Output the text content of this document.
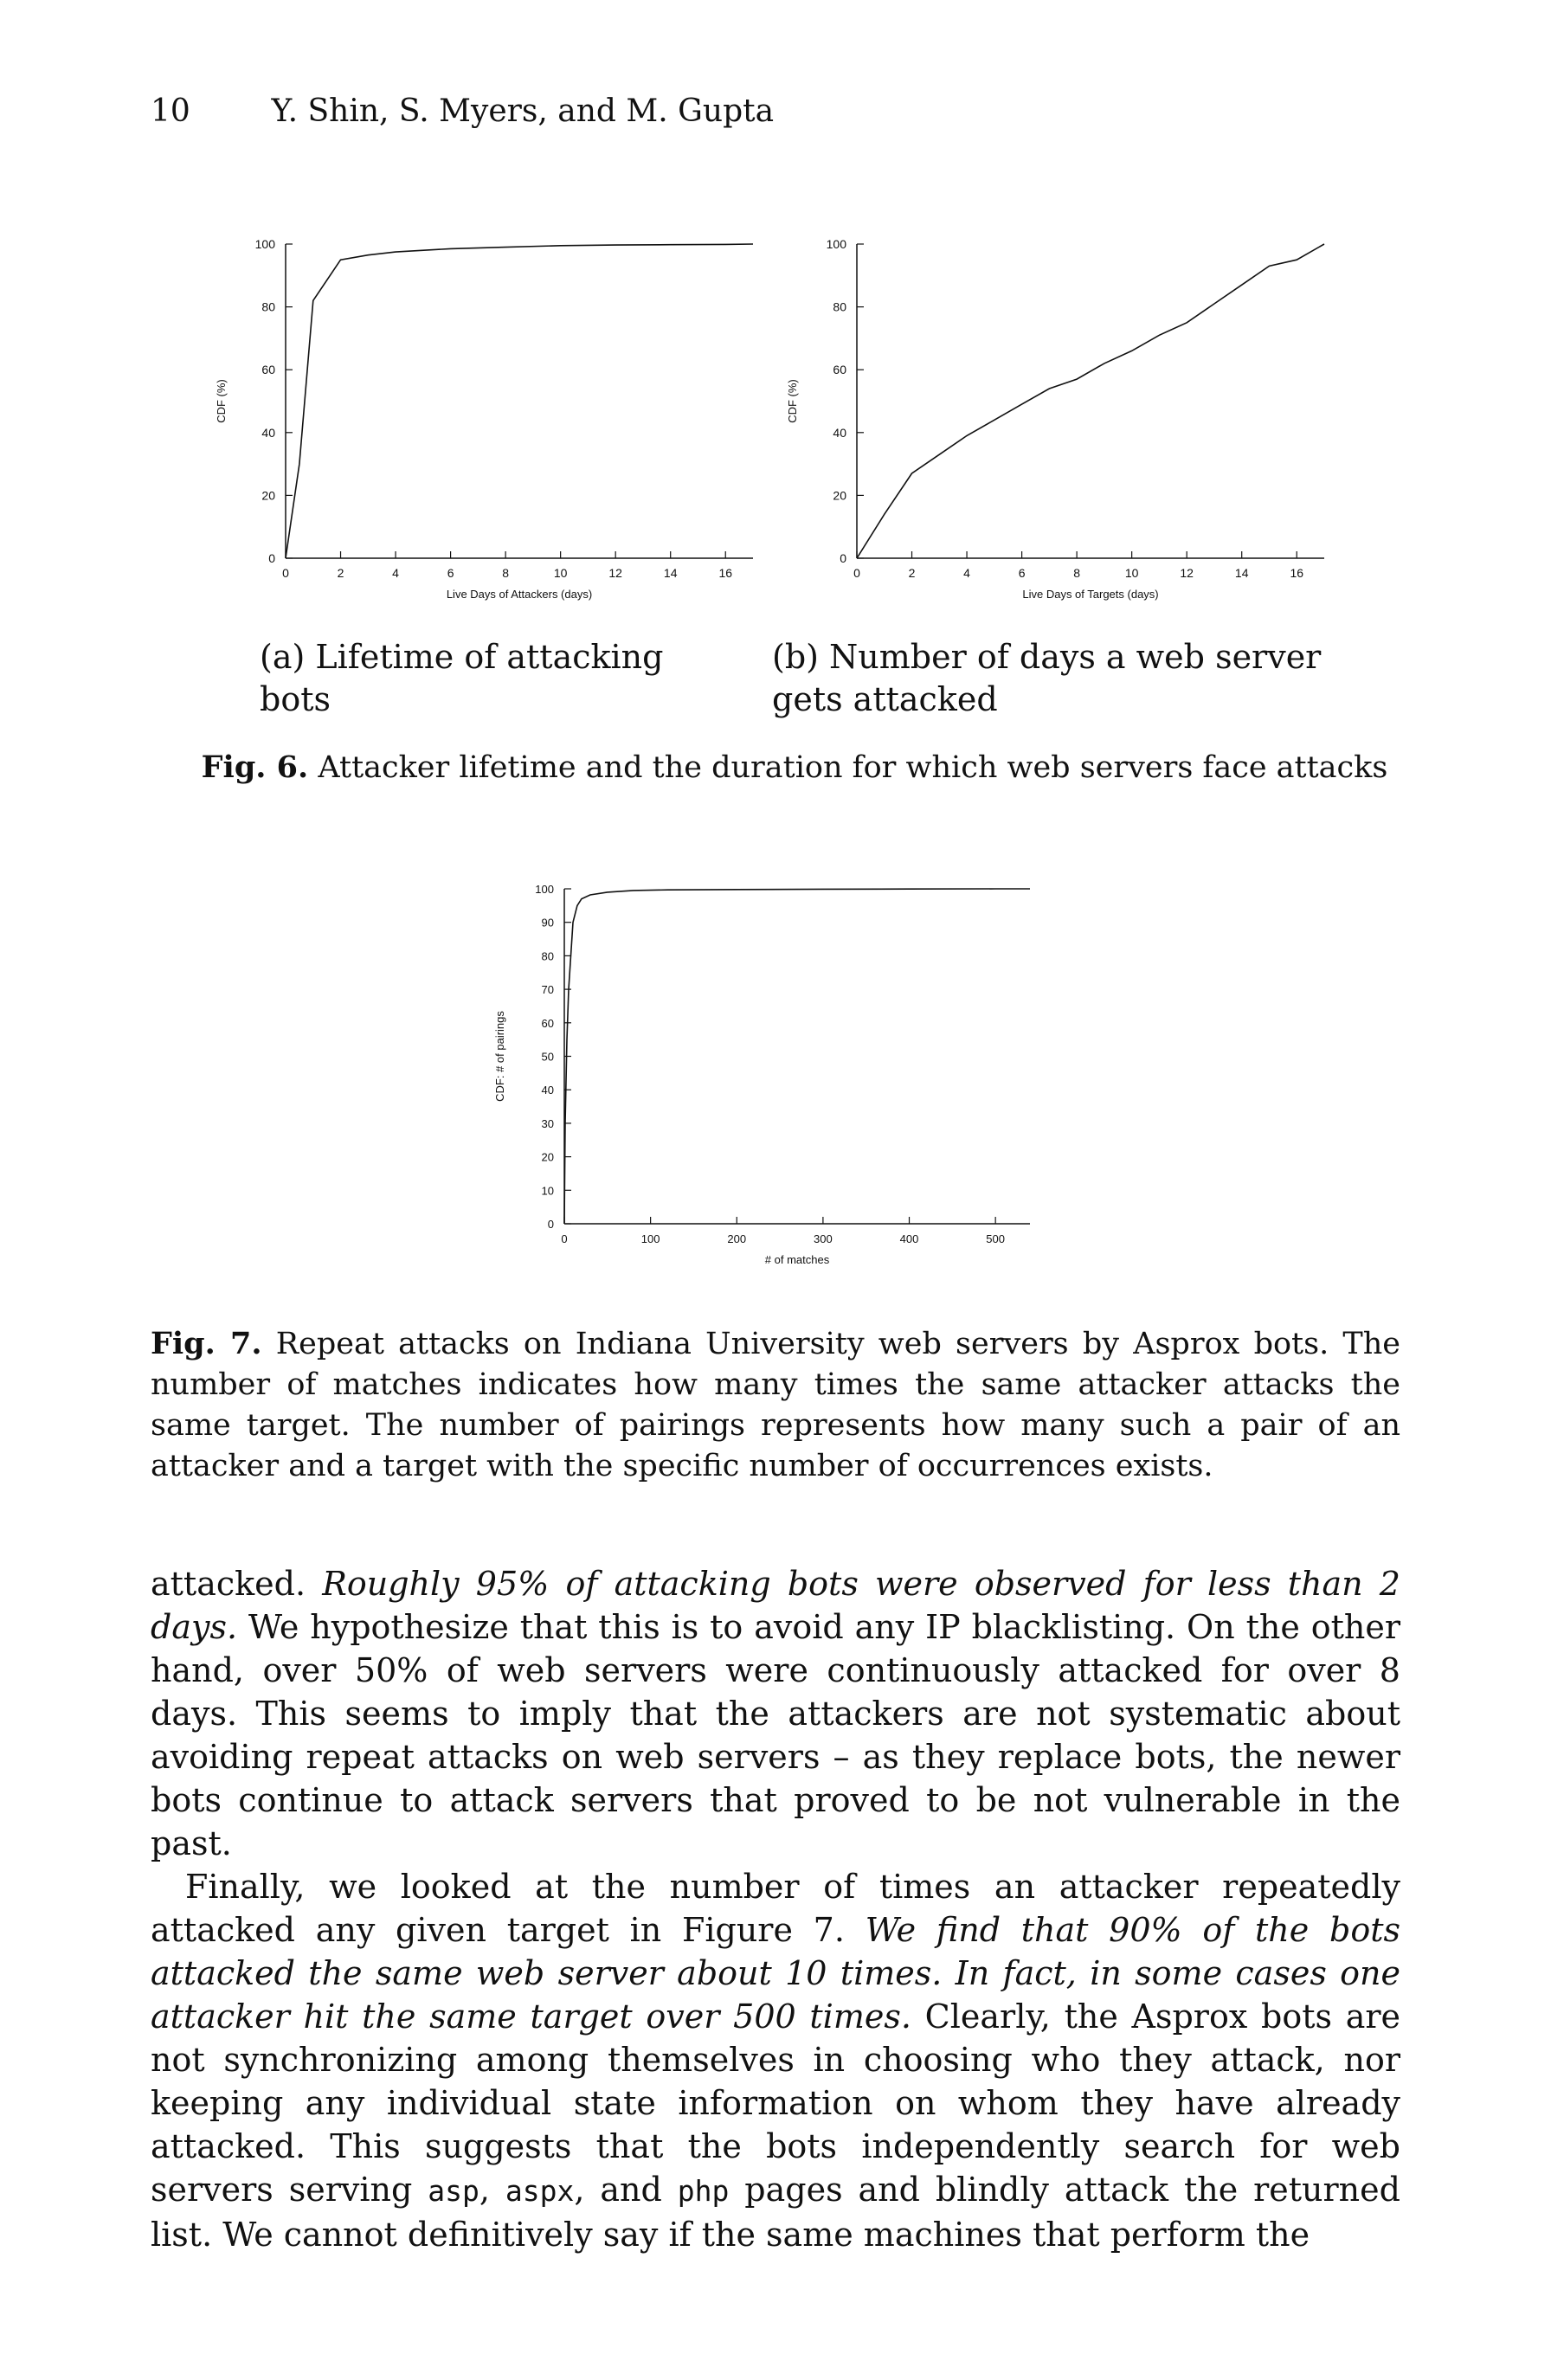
10	Y. Shin, S. Myers, and M. Gupta
0
20
40
60
80
100
0	2	4	6	8	10	12	14	16
Live Days of Attackers (days)
CDF (%)
0
20
40
60
80
100
0	2	4	6	8	10	12	14	16
Live Days of Targets (days)
CDF (%)
(a) Lifetime of attacking bots
(b) Number of days a web server gets attacked
Fig. 6. Attacker lifetime and the duration for which web servers face attacks
0
10
20
30
40
50
60
70
80
90
100
0	100	200	300	400	500
# of matches
CDF: # of pairings
Fig. 7. Repeat attacks on Indiana University web servers by Asprox bots. The number of matches indicates how many times the same attacker attacks the same target. The number of pairings represents how many such a pair of an attacker and a target with the specific number of occurrences exists.

attacked. Roughly 95% of attacking bots were observed for less than 2 days. We hypothesize that this is to avoid any IP blacklisting. On the other hand, over 50% of web servers were continuously attacked for over 8 days. This seems to imply that the attackers are not systematic about avoiding repeat attacks on web servers – as they replace bots, the newer bots continue to attack servers that proved to be not vulnerable in the past.

Finally, we looked at the number of times an attacker repeatedly attacked any given target in Figure 7. We find that 90% of the bots attacked the same web server about 10 times. In fact, in some cases one attacker hit the same target over 500 times. Clearly, the Asprox bots are not synchronizing among themselves in choosing who they attack, nor keeping any individual state information on whom they have already attacked. This suggests that the bots independently search for web servers serving asp, aspx, and php pages and blindly attack the returned list. We cannot definitively say if the same machines that perform the
